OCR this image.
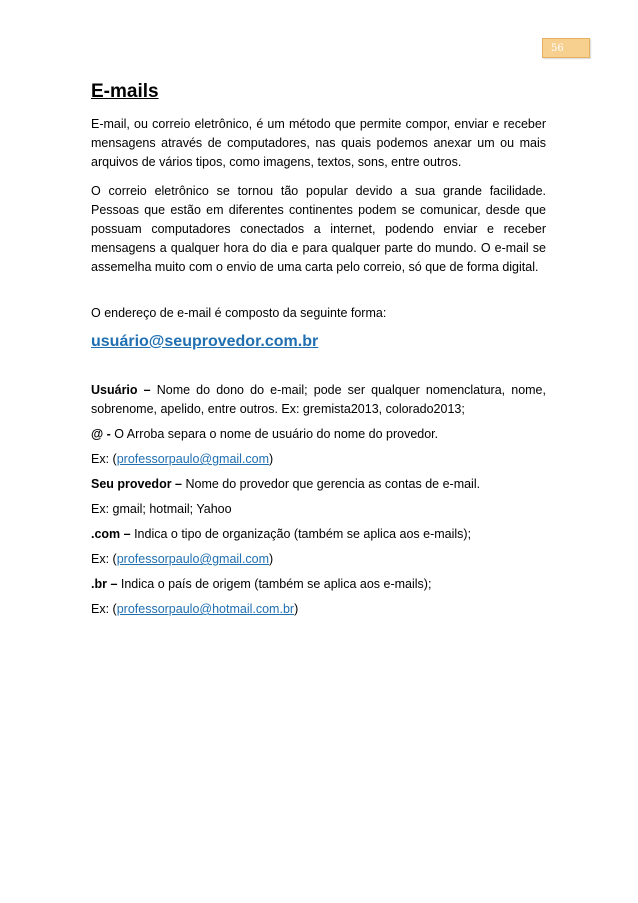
56
E-mails

E-mail, ou correio eletrônico, é um método que permite compor, enviar e receber mensagens através de computadores, nas quais podemos anexar um ou mais arquivos de vários tipos, como imagens, textos, sons, entre outros.

O correio eletrônico se tornou tão popular devido a sua grande facilidade. Pessoas que estão em diferentes continentes podem se comunicar, desde que possuam computadores conectados a internet, podendo enviar e receber mensagens a qualquer hora do dia e para qualquer parte do mundo. O e-mail se assemelha muito com o envio de uma carta pelo correio, só que de forma digital.

O endereço de e-mail é composto da seguinte forma:

usuário@seuprovedor.com.br

Usuário – Nome do dono do e-mail; pode ser qualquer nomenclatura, nome, sobrenome, apelido, entre outros. Ex: gremista2013, colorado2013;

@ - O Arroba separa o nome de usuário do nome do provedor.

Ex: (professorpaulo@gmail.com)

Seu provedor – Nome do provedor que gerencia as contas de e-mail.

Ex: gmail; hotmail; Yahoo

.com – Indica o tipo de organização (também se aplica aos e-mails);

Ex: (professorpaulo@gmail.com)

.br – Indica o país de origem (também se aplica aos e-mails);

Ex: (professorpaulo@hotmail.com.br)
